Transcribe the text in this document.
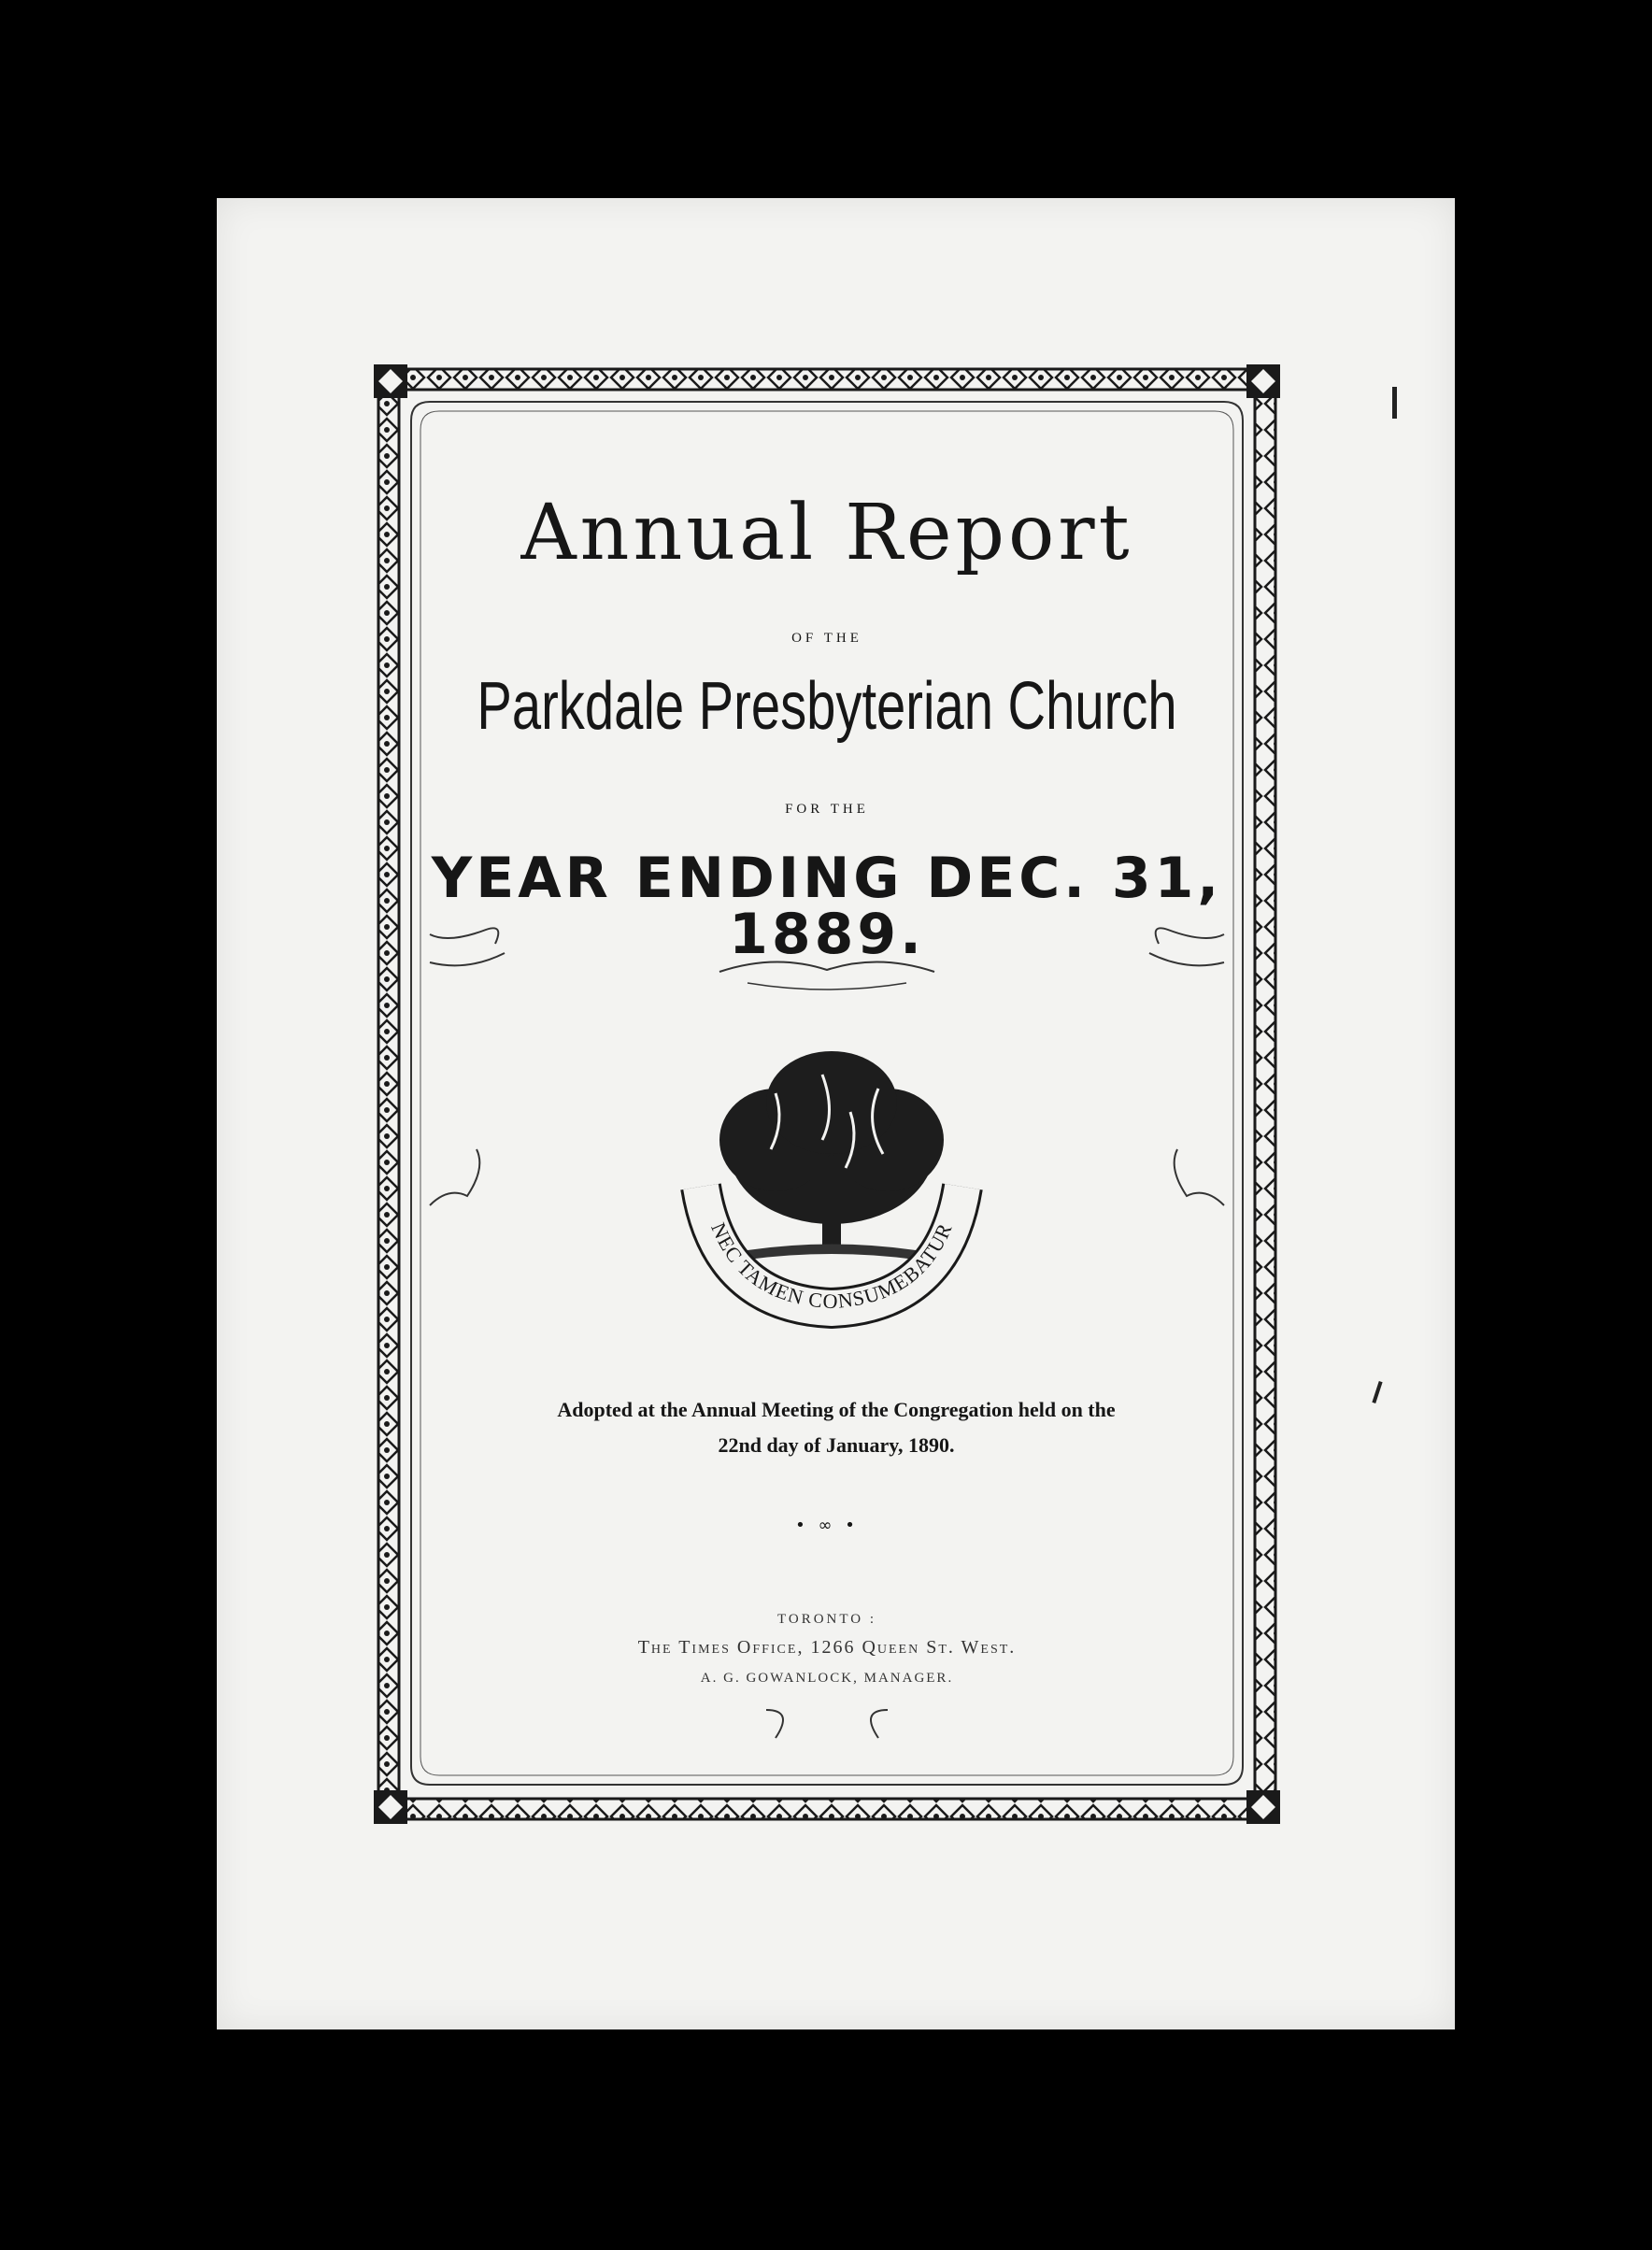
Annual Report
OF THE
Parkdale Presbyterian Church
FOR THE
YEAR ENDING DEC. 31, 1889.
NEC TAMEN CONSUMEBATUR
Adopted at the Annual Meeting of the Congregation held on the
22nd day of January, 1890.
• ∞ •
TORONTO :
The Times Office, 1266 Queen St. West.
A. G. GOWANLOCK, MANAGER.
